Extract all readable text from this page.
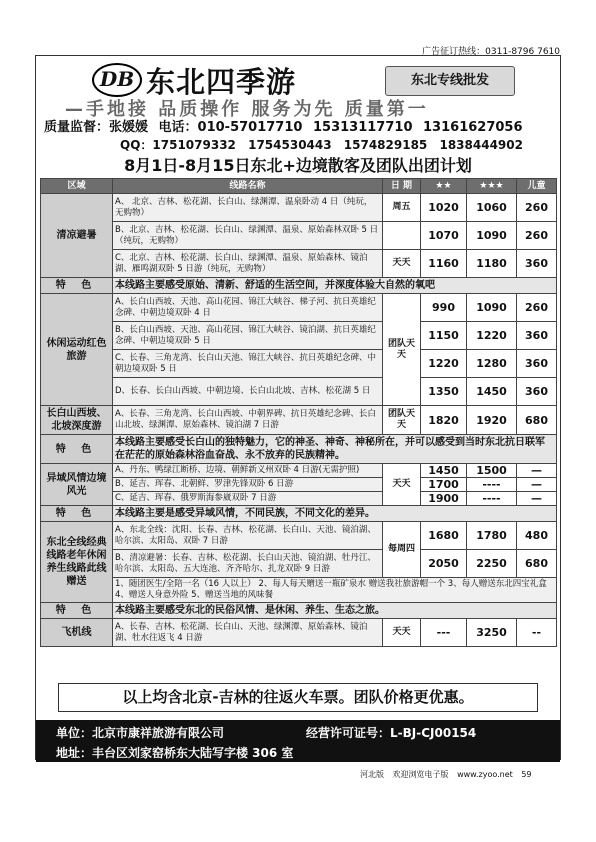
广告征订热线：0311-8796 7610
DB 东北四季游	东北专线批发
—手地接 品质操作 服务为先 质量第一
质量监督：张媛媛 电话：010-57017710 15313117710 13161627056
QQ：1751079332 1754530443 1574829185 1838444902
8月1日-8月15日东北+边境散客及团队出团计划
区域	线路名称	日 期	★★	★★★	儿童
清凉避暑	A、 北京、吉林、松花湖、长白山、绿渊潭、温泉卧动 4 日（纯玩，无购物）	周五	1020	1060	260
	B、北京、吉林、松花湖、长白山、绿渊潭、温泉、原始森林双卧 5 日（纯玩，无购物）		1070	1090	260
	C、北京、吉林、松花湖、长白山、绿渊潭、温泉、原始森林、镜泊湖、雁鸣湖双卧 5 日游（纯玩，无购物）	天天	1160	1180	360
特 色	本线路主要感受原始、清新、舒适的生活空间，并深度体验大自然的氧吧				
休闲运动红色旅游	A、长白山西坡、天池、高山花园、锦江大峡谷、梯子河、抗日英雄纪念碑、中朝边境双卧 4 日	团队天天	990	1090	260
	B、长白山西坡、天池、高山花园、锦江大峡谷、镜泊湖、抗日英雄纪念碑、中朝边境双卧 5 日		1150	1220	360
	C、长春、三角龙湾、长白山天池、锦江大峡谷、抗日英雄纪念碑、中朝边境双卧 5 日		1220	1280	360
	D、长春、长白山西坡、中朝边境、长白山北坡、吉林、松花湖 5 日		1350	1450	360
长白山西坡、北坡深度游	A、长春、三角龙湾、长白山西坡、中朝界碑、抗日英雄纪念碑、长白山北坡、绿渊潭、原始森林、镜泊湖 7 日游	团队天天	1820	1920	680
特 色	本线路主要感受长白山的独特魅力，它的神圣、神奇、神秘所在，并可以感受到当时东北抗日联军在茫茫的原始森林浴血奋战、永不放弃的民族精神。				
异域风情边境风光	A、丹东、鸭绿江断桥、边境、朝鲜新义州双卧 4 日游(无需护照)	天天	1450	1500	—
	B、延吉、珲春、北朝鲜、罗津先锋双卧 6 日游		1700	----	—
	C、延吉、珲春、俄罗斯海参崴双卧 7 日游		1900	----	—
特 色	本线路主要是感受异域风情，不同民族，不同文化的差异。				
东北全线经典线路老年休闲养生线路此线赠送	A、东北全线：沈阳、长春、吉林、松花湖、长白山、天池、镜泊湖、哈尔滨、太阳岛、双卧 7 日游	每周四	1680	1780	480
	B、清凉避暑：长春、吉林、松花湖、长白山天池、镜泊湖、牡丹江、哈尔滨、太阳岛、五大连池、齐齐哈尔、扎龙双卧 9 日游		2050	2250	680
	1、随团医生/全陪一名（16 人以上） 2、每人每天赠送一瓶矿泉水 赠送我社旅游帽一个 3、每人赠送东北四宝礼盒 4、赠送人身意外险 5、赠送当地的风味餐				
特 色	本线路主要感受东北的民俗风情、是休闲、养生、生态之旅。				
飞机线	A、长春、吉林、松花湖、长白山、天池、绿渊潭、原始森林、镜泊湖、牡水往返飞 4 日游	天天	---	3250	--
以上均含北京-吉林的往返火车票。团队价格更优惠。
单位：北京市康祥旅游有限公司	经营许可证号：L-BJ-CJ00154
地址：丰台区刘家窑桥东大陆写字楼 306 室
河北版 欢迎浏览电子版 www.zyoo.net 59
